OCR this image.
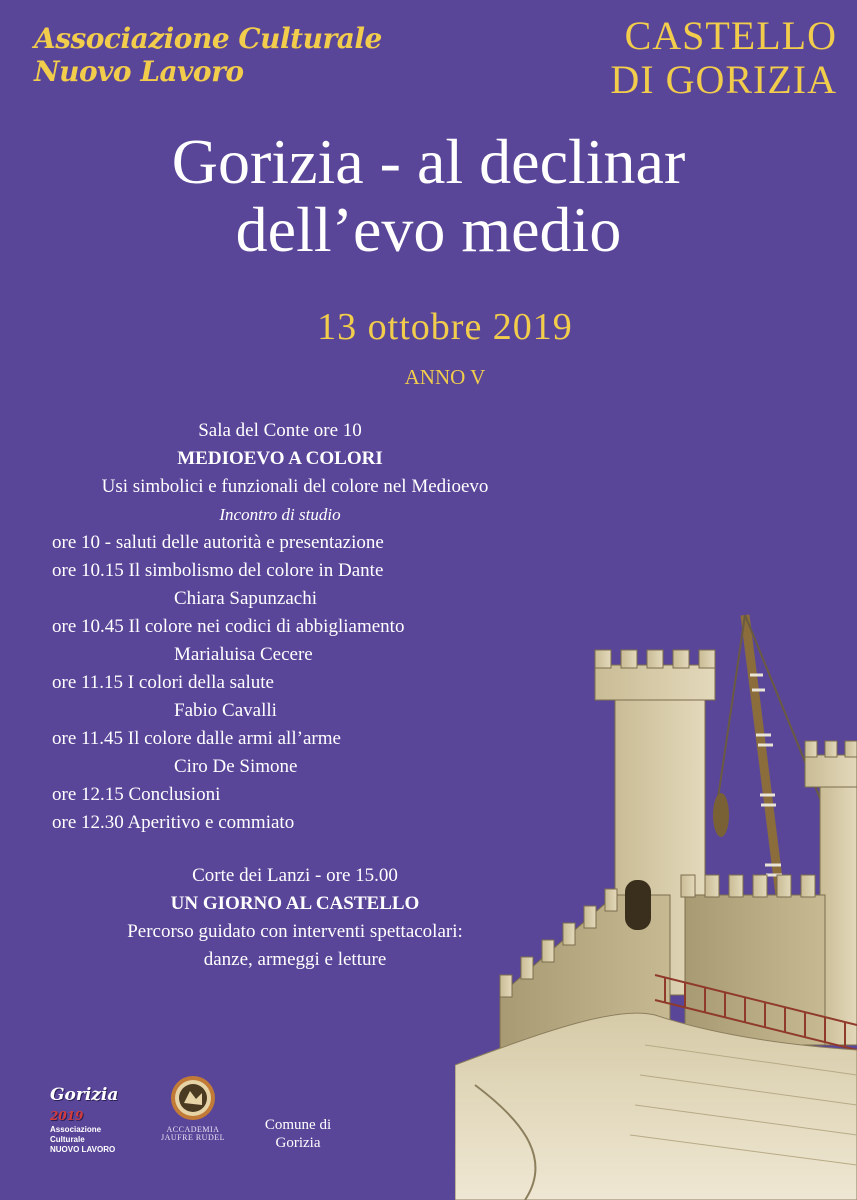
Associazione Culturale
Nuovo Lavoro
CASTELLO
DI GORIZIA
Gorizia - al declinar
dell’evo medio
13 ottobre 2019
ANNO V
Sala del Conte ore 10
MEDIOEVO A COLORI
Usi simbolici e funzionali del colore nel Medioevo
Incontro di studio
ore 10 - saluti delle autorità e presentazione
ore 10.15 Il simbolismo del colore in Dante
Chiara Sapunzachi
ore 10.45 Il colore nei codici di abbigliamento
Marialuisa Cecere
ore 11.15 I colori della salute
Fabio Cavalli
ore 11.45 Il colore dalle armi all’arme
Ciro De Simone
ore 12.15 Conclusioni
ore 12.30 Aperitivo e commiato
Corte dei Lanzi - ore 15.00
UN GIORNO AL CASTELLO
Percorso guidato con interventi spettacolari:
danze, armeggi e letture
Gorizia 2019
Associazione Culturale
NUOVO LAVORO
ACCADEMIA
JAUFRE RUDEL
Comune di
Gorizia
